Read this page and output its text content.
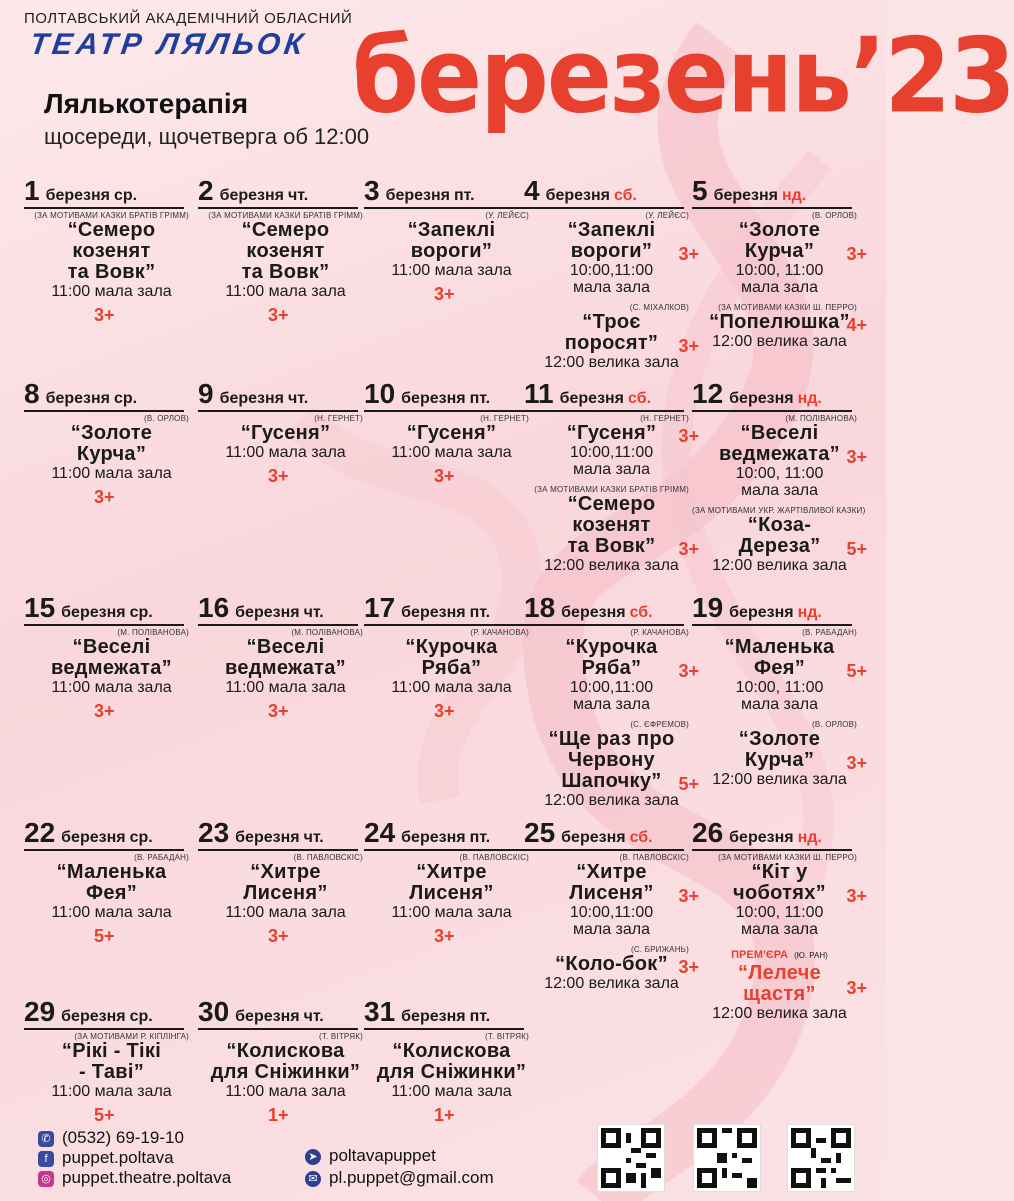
ПОЛТАВСЬКИЙ АКАДЕМІЧНИЙ ОБЛАСНИЙ
ТЕАТР ЛЯЛЬОК березень’23
Лялькотерапія
щосереди, щочетверга об 12:00
1 березня ср.
(ЗА МОТИВАМИ КАЗКИ БРАТІВ ГРІММ)
“Семеро
козенят
та Вовк”
11:00 мала зала
3+
2 березня чт.
(ЗА МОТИВАМИ КАЗКИ БРАТІВ ГРІММ)
“Семеро
козенят
та Вовк”
11:00 мала зала
3+
3 березня пт.
(У. ЛЕЙЄС)
“Запеклі
вороги”
11:00 мала зала
3+
4 березня сб.
(У. ЛЕЙЄС)
“Запеклі
вороги”
10:00,11:00
мала зала
3+
(С. МІХАЛКОВ)
“Троє
поросят”
12:00 велика зала
3+
5 березня нд.
(В. ОРЛОВ)
“Золоте
Курча”
10:00, 11:00
мала зала
3+
(ЗА МОТИВАМИ КАЗКИ Ш. ПЕРРО)
“Попелюшка”
12:00 велика зала
4+
8 березня ср.
(В. ОРЛОВ)
“Золоте
Курча”
11:00 мала зала
3+
9 березня чт.
(Н. ГЕРНЕТ)
“Гусеня”
11:00 мала зала
3+
10 березня пт.
(Н. ГЕРНЕТ)
“Гусеня”
11:00 мала зала
3+
11 березня сб.
(Н. ГЕРНЕТ)
“Гусеня”
10:00,11:00
мала зала
3+
(ЗА МОТИВАМИ КАЗКИ БРАТІВ ГРІММ)
“Семеро
козенят
та Вовк”
12:00 велика зала
3+
12 березня нд.
(М. ПОЛІВАНОВА)
“Веселі
ведмежата”
10:00, 11:00
мала зала
3+
(ЗА МОТИВАМИ УКР. ЖАРТІВЛИВОЇ КАЗКИ)
“Коза-
Дереза”
12:00 велика зала
5+
15 березня ср.
(М. ПОЛІВАНОВА)
“Веселі
ведмежата”
11:00 мала зала
3+
16 березня чт.
(М. ПОЛІВАНОВА)
“Веселі
ведмежата”
11:00 мала зала
3+
17 березня пт.
(Р. КАЧАНОВА)
“Курочка
Ряба”
11:00 мала зала
3+
18 березня сб.
(Р. КАЧАНОВА)
“Курочка
Ряба”
10:00,11:00
мала зала
3+
(С. ЄФРЕМОВ)
“Ще раз про
Червону
Шапочку”
12:00 велика зала
5+
19 березня нд.
(В. РАБАДАН)
“Маленька
Фея”
10:00, 11:00
мала зала
5+
(В. ОРЛОВ)
“Золоте
Курча”
12:00 велика зала
3+
22 березня ср.
(В. РАБАДАН)
“Маленька
Фея”
11:00 мала зала
5+
23 березня чт.
(В. ПАВЛОВСКІС)
“Хитре
Лисеня”
11:00 мала зала
3+
24 березня пт.
(В. ПАВЛОВСКІС)
“Хитре
Лисеня”
11:00 мала зала
3+
25 березня сб.
(В. ПАВЛОВСКІС)
“Хитре
Лисеня”
10:00,11:00
мала зала
3+
(С. БРИЖАНЬ)
“Коло-бок”
12:00 велика зала
3+
26 березня нд.
(ЗА МОТИВАМИ КАЗКИ Ш. ПЕРРО)
“Кіт у
чоботях”
10:00, 11:00
мала зала
3+
ПРЕМ’ЄРА (Ю. РАН)
“Лелече
щастя”
12:00 велика зала
3+
29 березня ср.
(ЗА МОТИВАМИ Р. КІПЛІНГА)
“Рікі - Тікі
- Таві”
11:00 мала зала
5+
30 березня чт.
(Т. ВІТРЯК)
“Колискова
для Сніжинки”
11:00 мала зала
1+
31 березня пт.
(Т. ВІТРЯК)
“Колискова
для Сніжинки”
11:00 мала зала
1+
✆ (0532) 69-19-10
f puppet.poltava
◎ puppet.theatre.poltava
➤ poltavapuppet
✉ pl.puppet@gmail.com
